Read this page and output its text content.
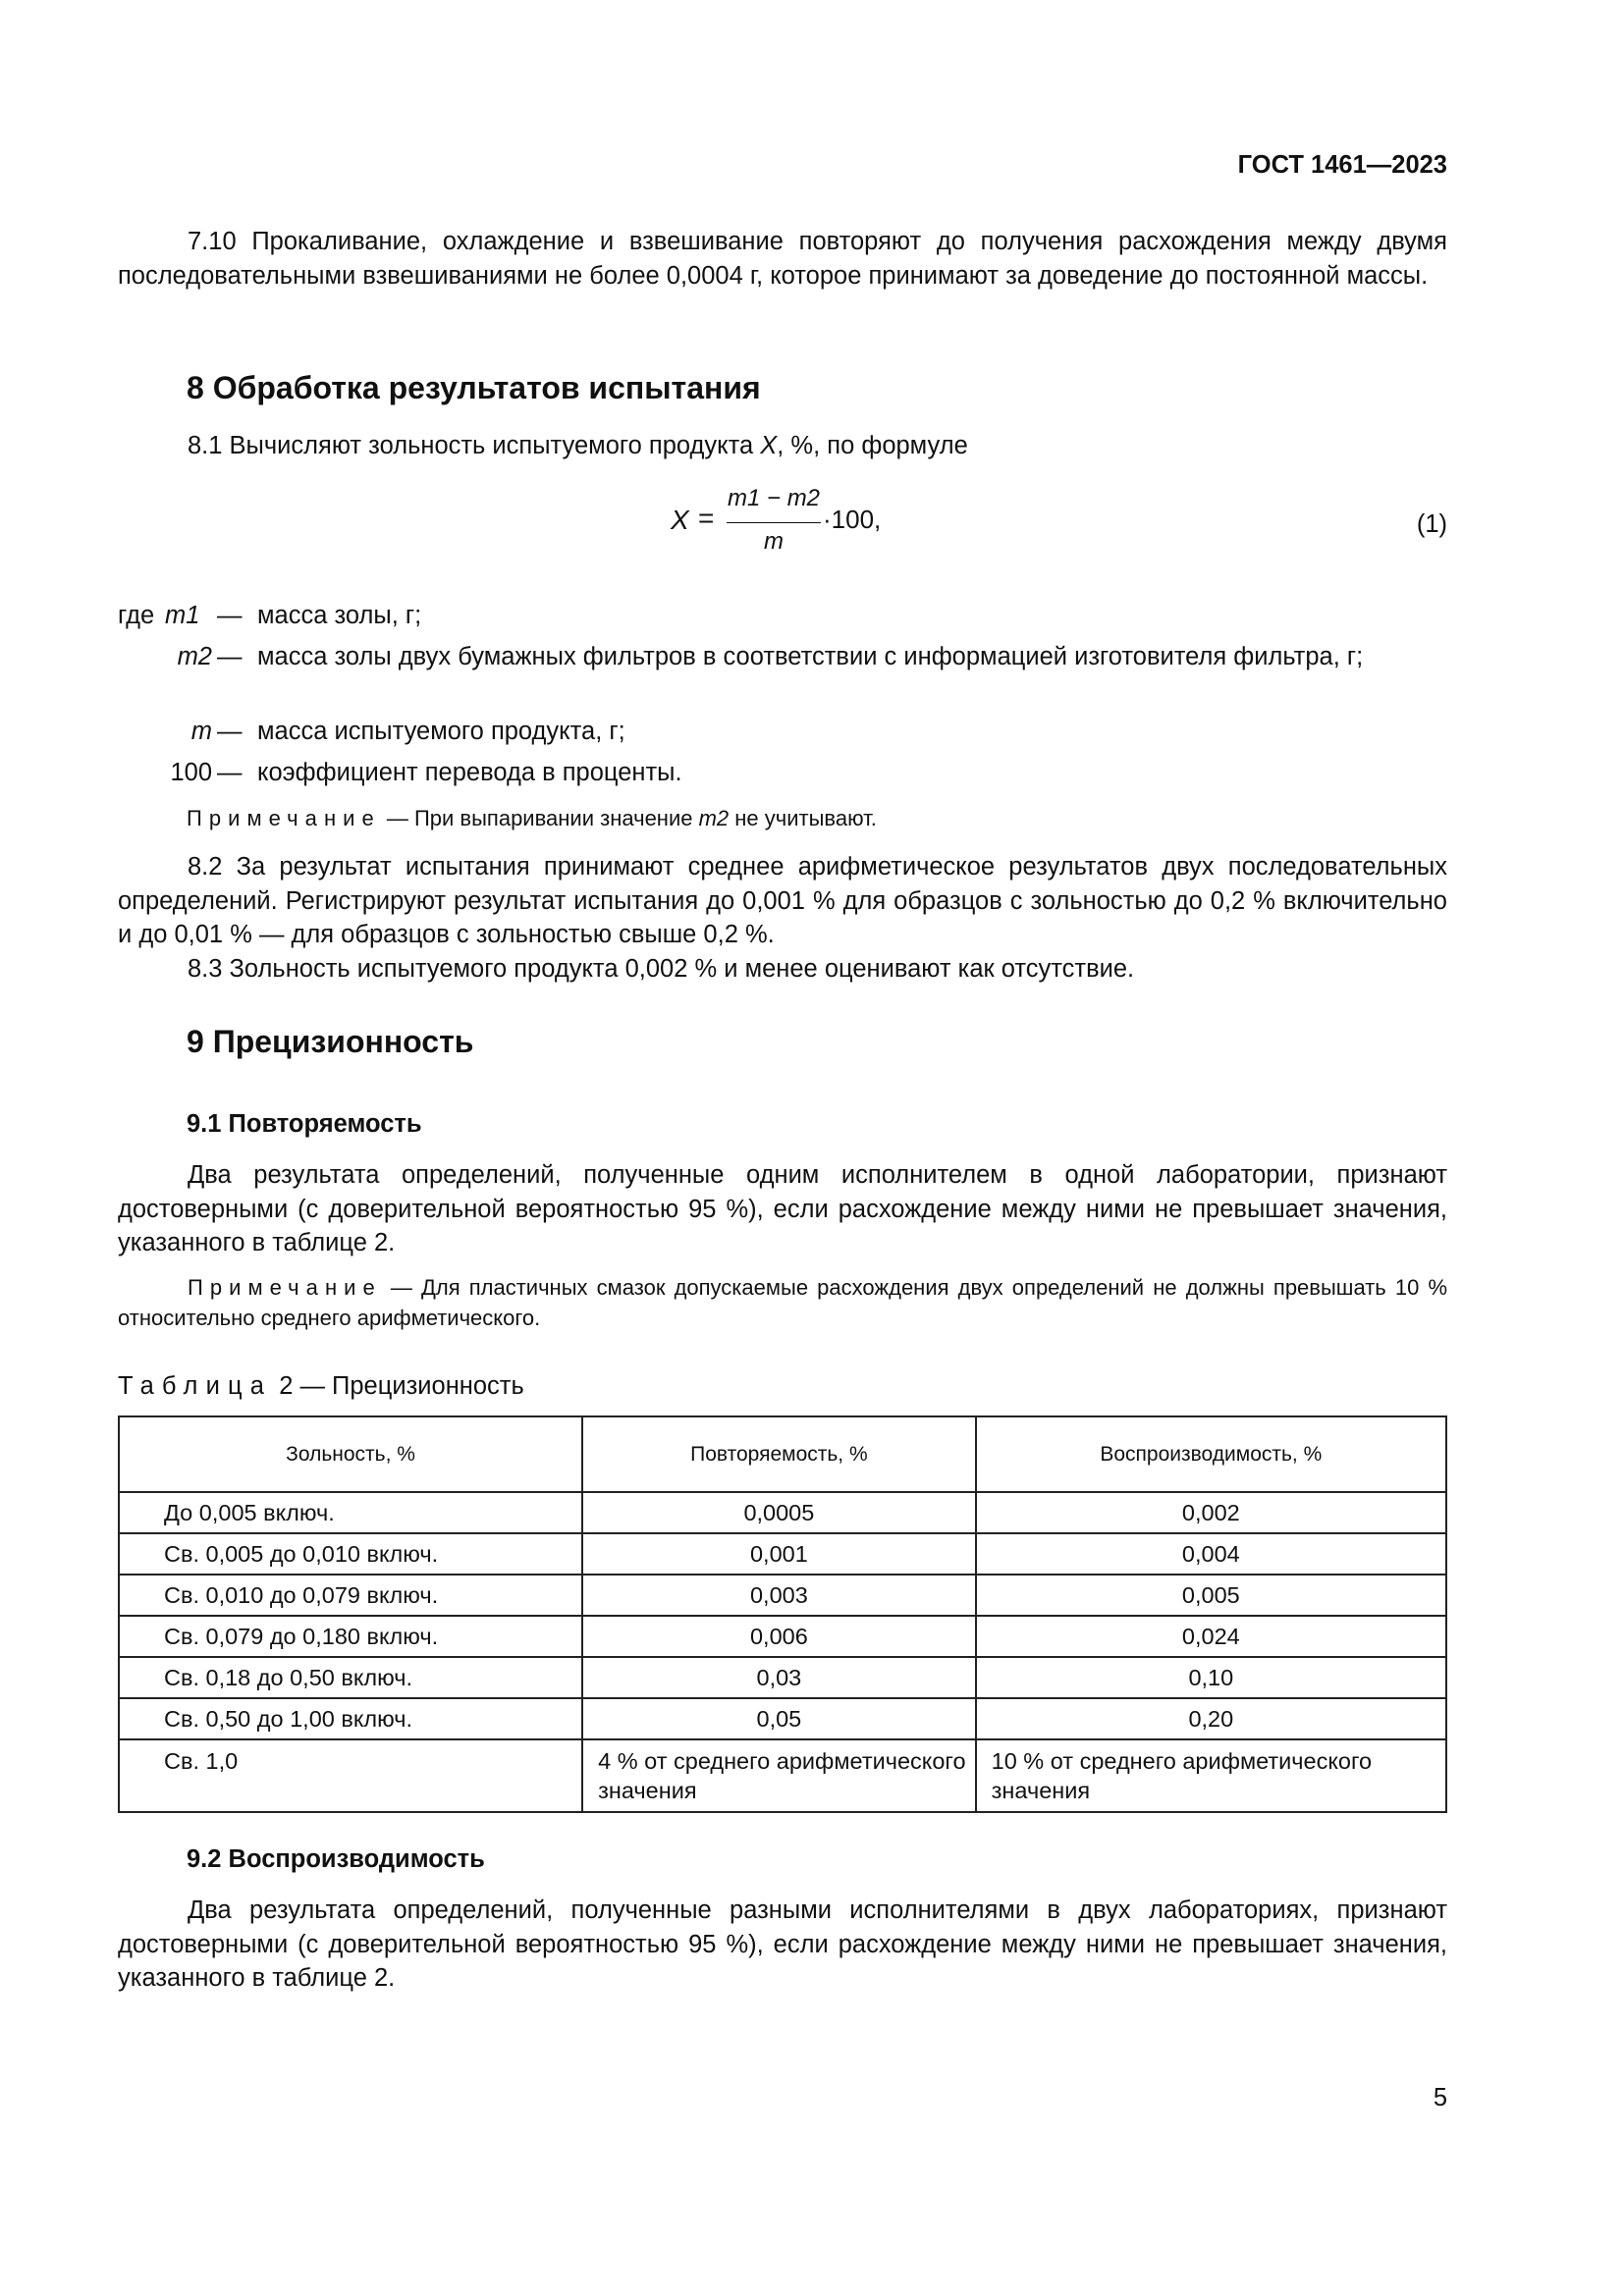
ГОСТ 1461—2023

7.10 Прокаливание, охлаждение и взвешивание повторяют до получения расхождения между двумя последовательными взвешиваниями не более 0,0004 г, которое принимают за доведение до постоянной массы.

8 Обработка результатов испытания

8.1 Вычисляют зольность испытуемого продукта X, %, по формуле

X =
m1 − m2
m
·100,	(1)
где m1 — масса золы, г;
m2 — масса золы двух бумажных фильтров в соответствии с информацией изготовителя фильтра, г;
m — масса испытуемого продукта, г;
100 — коэффициент перевода в проценты.

Примечание — При выпаривании значение m2 не учитывают.

8.2 За результат испытания принимают среднее арифметическое результатов двух последовательных определений. Регистрируют результат испытания до 0,001 % для образцов с зольностью до 0,2 % включительно и до 0,01 % — для образцов с зольностью свыше 0,2 %.

8.3 Зольность испытуемого продукта 0,002 % и менее оценивают как отсутствие.

9 Прецизионность
9.1 Повторяемость

Два результата определений, полученные одним исполнителем в одной лаборатории, признают достоверными (с доверительной вероятностью 95 %), если расхождение между ними не превышает значения, указанного в таблице 2.

Примечание — Для пластичных смазок допускаемые расхождения двух определений не должны превышать 10 % относительно среднего арифметического.

Таблица 2 — Прецизионность
Зольность, %	Повторяемость, %	Воспроизводимость, %
До 0,005 включ.	0,0005	0,002
Св. 0,005 до 0,010 включ.	0,001	0,004
Св. 0,010 до 0,079 включ.	0,003	0,005
Св. 0,079 до 0,180 включ.	0,006	0,024
Св. 0,18 до 0,50 включ.	0,03	0,10
Св. 0,50 до 1,00 включ.	0,05	0,20
Св. 1,0	4 % от среднего арифметического значения	10 % от среднего арифметического значения
9.2 Воспроизводимость

Два результата определений, полученные разными исполнителями в двух лабораториях, признают достоверными (с доверительной вероятностью 95 %), если расхождение между ними не превышает значения, указанного в таблице 2.

5
